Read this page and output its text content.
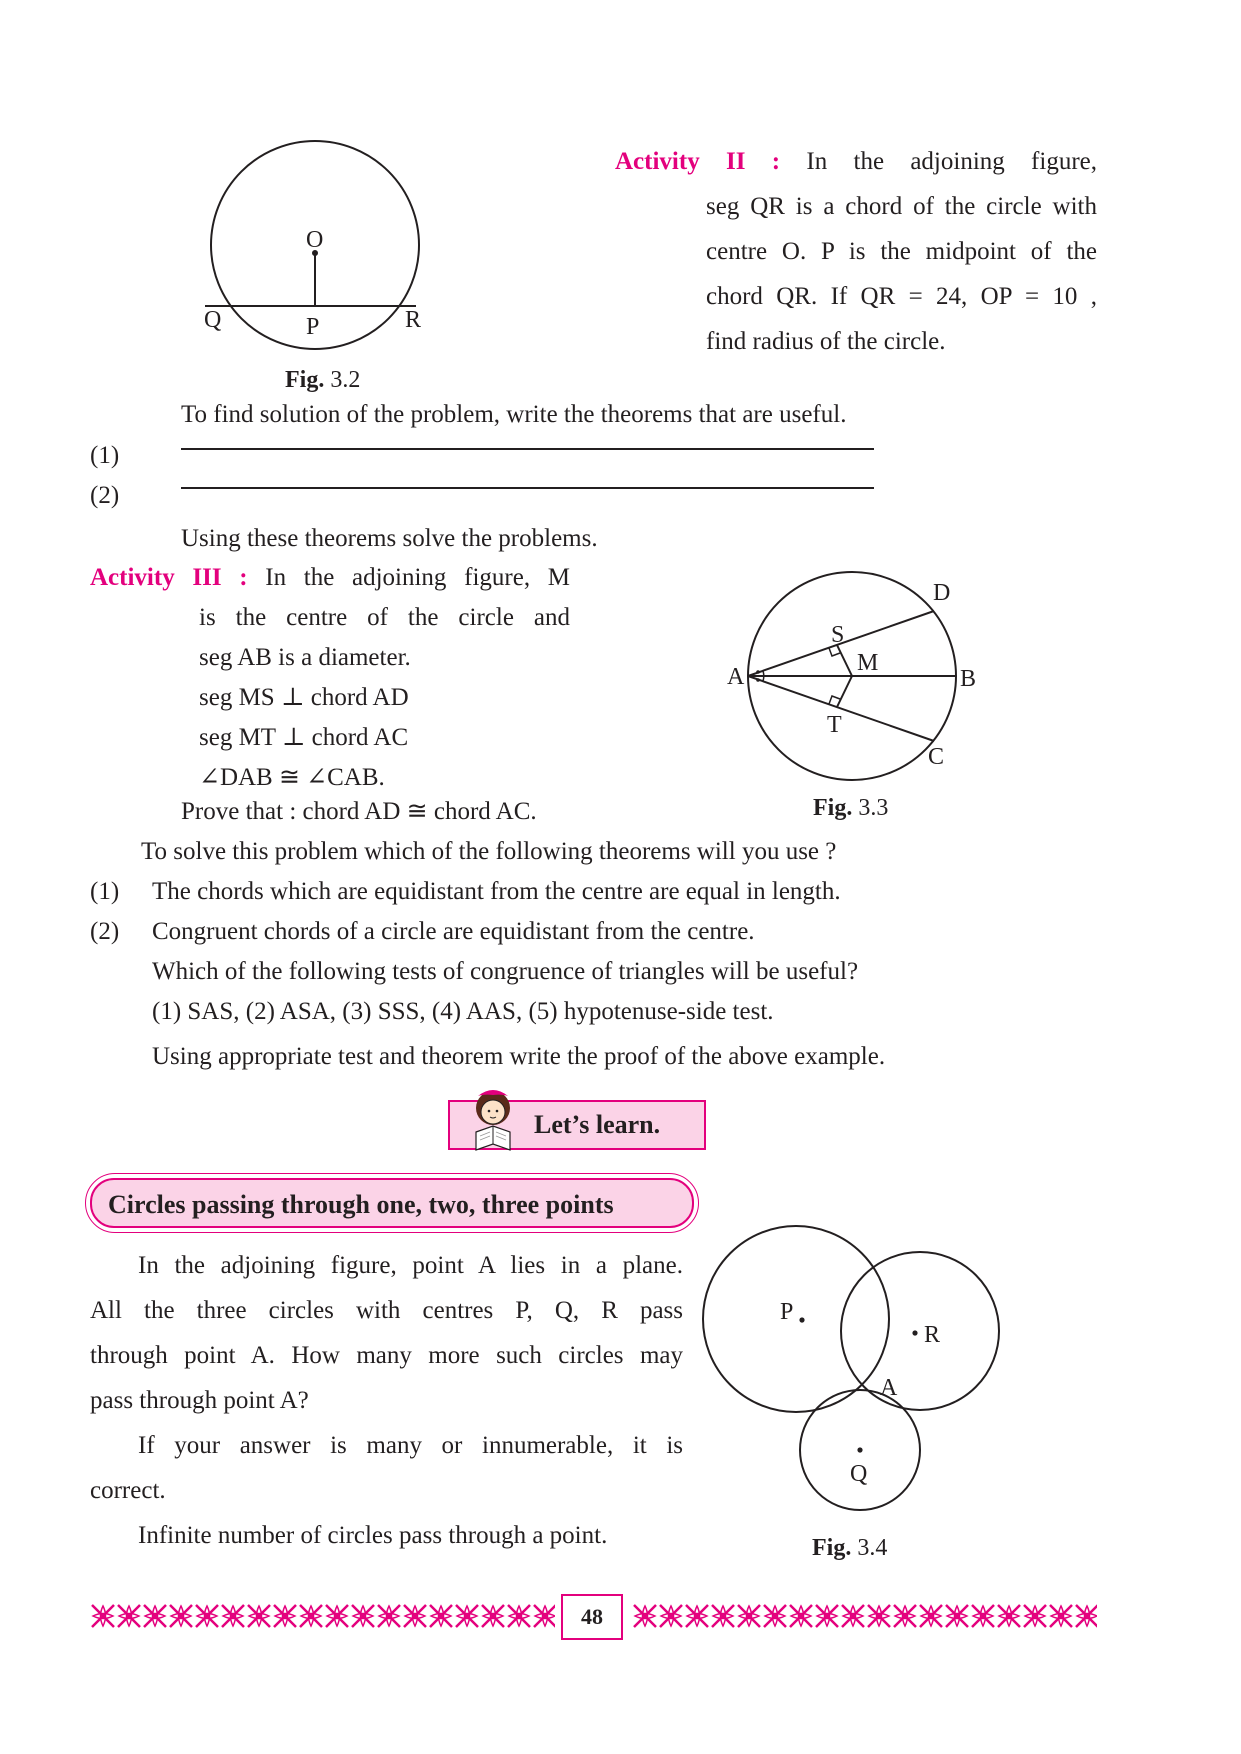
O
Q	P	R
Fig. 3.2
Activity II : In the adjoining figure,
seg QR is a chord of the circle with
centre O. P is the midpoint of the
chord QR. If QR = 24, OP = 10 ,
find radius of the circle.
To find solution of the problem, write the theorems that are useful.
(1)
(2)
Using these theorems solve the problems.
Activity III : In the adjoining figure, M
is the centre of the circle and
seg AB is a diameter.
seg MS ⊥ chord AD
seg MT ⊥ chord AC
∠DAB ≅ ∠CAB.
Prove that : chord AD ≅ chord AC.
A	B
C
D
M
S
T
Fig. 3.3
To solve this problem which of the following theorems will you use ?
(1) The chords which are equidistant from the centre are equal in length.
(2) Congruent chords of a circle are equidistant from the centre.
Which of the following tests of congruence of triangles will be useful?
(1) SAS, (2) ASA, (3) SSS, (4) AAS, (5) hypotenuse-side test.
Using appropriate test and theorem write the proof of the above example.
Let’s learn.
Circles passing through one, two, three points
In the adjoining figure, point A lies in a plane.
All the three circles with centres P, Q, R pass
through point A. How many more such circles may
pass through point A?
If your answer is many or innumerable, it is
correct.
Infinite number of circles pass through a point.
P
R
Q
A
Fig. 3.4
48
